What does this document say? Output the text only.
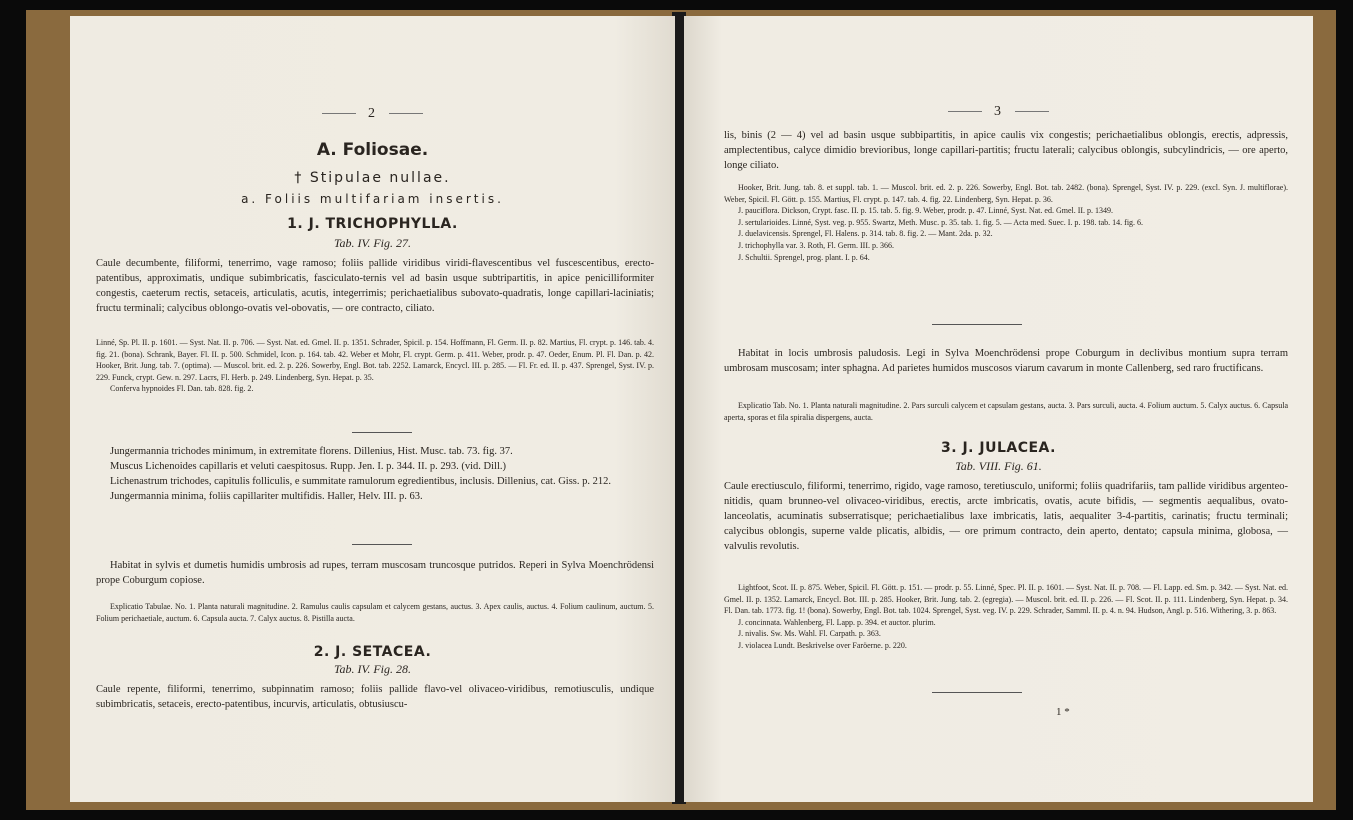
2
A. Foliosae.
† Stipulae nullae.
a. Foliis multifariam insertis.
1. J. TRICHOPHYLLA.
Tab. IV. Fig. 27.
Caule decumbente, filiformi, tenerrimo, vage ramoso; foliis pallide viridibus viridi-flavescentibus vel fuscescentibus, erecto-patentibus, approximatis, undique subimbricatis, fasciculato-ternis vel ad basin usque subtripartitis, in apice penicilliformiter congestis, caeterum rectis, setaceis, articulatis, acutis, integerrimis; perichaetialibus subovato-quadratis, longe capillari-laciniatis; fructu terminali; calycibus oblongo-ovatis vel-obovatis, — ore contracto, ciliato.

Linné, Sp. Pl. II. p. 1601. — Syst. Nat. II. p. 706. — Syst. Nat. ed. Gmel. II. p. 1351. Schrader, Spicil. p. 154. Hoffmann, Fl. Germ. II. p. 82. Martius, Fl. crypt. p. 146. tab. 4. fig. 21. (bona). Schrank, Bayer. Fl. II. p. 500. Schmidel, Icon. p. 164. tab. 42. Weber et Mohr, Fl. crypt. Germ. p. 411. Weber, prodr. p. 47. Oeder, Enum. Pl. Fl. Dan. p. 42. Hooker, Brit. Jung. tab. 7. (optima). — Muscol. brit. ed. 2. p. 226. Sowerby, Engl. Bot. tab. 2252. Lamarck, Encycl. III. p. 285. — Fl. Fr. ed. II. p. 437. Sprengel, Syst. IV. p. 229. Funck, crypt. Gew. n. 297. Lacrs, Fl. Herb. p. 249. Lindenberg, Syn. Hepat. p. 35.

Conferva hypnoides Fl. Dan. tab. 828. fig. 2.

Jungermannia trichodes minimum, in extremitate florens. Dillenius, Hist. Musc. tab. 73. fig. 37.

Muscus Lichenoides capillaris et veluti caespitosus. Rupp. Jen. I. p. 344. II. p. 293. (vid. Dill.)

Lichenastrum trichodes, capitulis folliculis, e summitate ramulorum egredientibus, inclusis. Dillenius, cat. Giss. p. 212.

Jungermannia minima, foliis capillariter multifidis. Haller, Helv. III. p. 63.

Habitat in sylvis et dumetis humidis umbrosis ad rupes, terram muscosam truncosque putridos. Reperi in Sylva Moenchrödensi prope Coburgum copiose.
Explicatio Tabulae. No. 1. Planta naturali magnitudine. 2. Ramulus caulis capsulam et calycem gestans, auctus. 3. Apex caulis, auctus. 4. Folium caulinum, auctum. 5. Folium perichaetiale, auctum. 6. Capsula aucta. 7. Calyx auctus. 8. Pistilla aucta.
2. J. SETACEA.
Tab. IV. Fig. 28.
Caule repente, filiformi, tenerrimo, subpinnatim ramoso; foliis pallide flavo-vel olivaceo-viridibus, remotiusculis, undique subimbricatis, setaceis, erecto-patentibus, incurvis, articulatis, obtusiuscu-
3
lis, binis (2 — 4) vel ad basin usque subbipartitis, in apice caulis vix congestis; perichaetialibus oblongis, erectis, adpressis, amplectentibus, calyce dimidio brevioribus, longe capillari-partitis; fructu laterali; calycibus oblongis, subcylindricis, — ore aperto, longe ciliato.

Hooker, Brit. Jung. tab. 8. et suppl. tab. 1. — Muscol. brit. ed. 2. p. 226. Sowerby, Engl. Bot. tab. 2482. (bona). Sprengel, Syst. IV. p. 229. (excl. Syn. J. multiflorae). Weber, Spicil. Fl. Gött. p. 155. Martius, Fl. crypt. p. 147. tab. 4. fig. 22. Lindenberg, Syn. Hepat. p. 36.

J. pauciflora. Dickson, Crypt. fasc. II. p. 15. tab. 5. fig. 9. Weber, prodr. p. 47. Linné, Syst. Nat. ed. Gmel. II. p. 1349.

J. sertularioides. Linné, Syst. veg. p. 955. Swartz, Meth. Musc. p. 35. tab. 1. fig. 5. — Acta med. Suec. I. p. 198. tab. 14. fig. 6.

J. duelavicensis. Sprengel, Fl. Halens. p. 314. tab. 8. fig. 2. — Mant. 2da. p. 32.

J. trichophylla var. 3. Roth, Fl. Germ. III. p. 366.

J. Schultii. Sprengel, prog. plant. I. p. 64.

Habitat in locis umbrosis paludosis. Legi in Sylva Moenchrödensi prope Coburgum in declivibus montium supra terram umbrosam muscosam; inter sphagna. Ad parietes humidos muscosos viarum cavarum in monte Callenberg, sed raro fructificans.
Explicatio Tab. No. 1. Planta naturali magnitudine. 2. Pars surculi calycem et capsulam gestans, aucta. 3. Pars surculi, aucta. 4. Folium auctum. 5. Calyx auctus. 6. Capsula aperta, sporas et fila spiralia dispergens, aucta.
3. J. JULACEA.
Tab. VIII. Fig. 61.
Caule erectiusculo, filiformi, tenerrimo, rigido, vage ramoso, teretiusculo, uniformi; foliis quadrifariis, tam pallide viridibus argenteo-nitidis, quam brunneo-vel olivaceo-viridibus, erectis, arcte imbricatis, ovatis, acute bifidis, — segmentis aequalibus, ovato-lanceolatis, acuminatis subserratisque; perichaetialibus laxe imbricatis, latis, aequaliter 3-4-partitis, carinatis; fructu terminali; calycibus oblongis, superne valde plicatis, albidis, — ore primum contracto, dein aperto, dentato; capsula minima, globosa, — valvulis revolutis.

Lightfoot, Scot. II. p. 875. Weber, Spicil. Fl. Gött. p. 151. — prodr. p. 55. Linné, Spec. Pl. II. p. 1601. — Syst. Nat. II. p. 708. — Fl. Lapp. ed. Sm. p. 342. — Syst. Nat. ed. Gmel. II. p. 1352. Lamarck, Encycl. Bot. III. p. 285. Hooker, Brit. Jung. tab. 2. (egregia). — Muscol. brit. ed. II. p. 226. — Fl. Scot. II. p. 111. Lindenberg, Syn. Hepat. p. 34. Fl. Dan. tab. 1773. fig. 1! (bona). Sowerby, Engl. Bot. tab. 1024. Sprengel, Syst. veg. IV. p. 229. Schrader, Samml. II. p. 4. n. 94. Hudson, Angl. p. 516. Withering, 3. p. 863.

J. concinnata. Wahlenberg, Fl. Lapp. p. 394. et auctor. plurim.

J. nivalis. Sw. Ms. Wahl. Fl. Carpath. p. 363.

J. violacea Lundt. Beskrivelse over Faröerne. p. 220.

1 *
